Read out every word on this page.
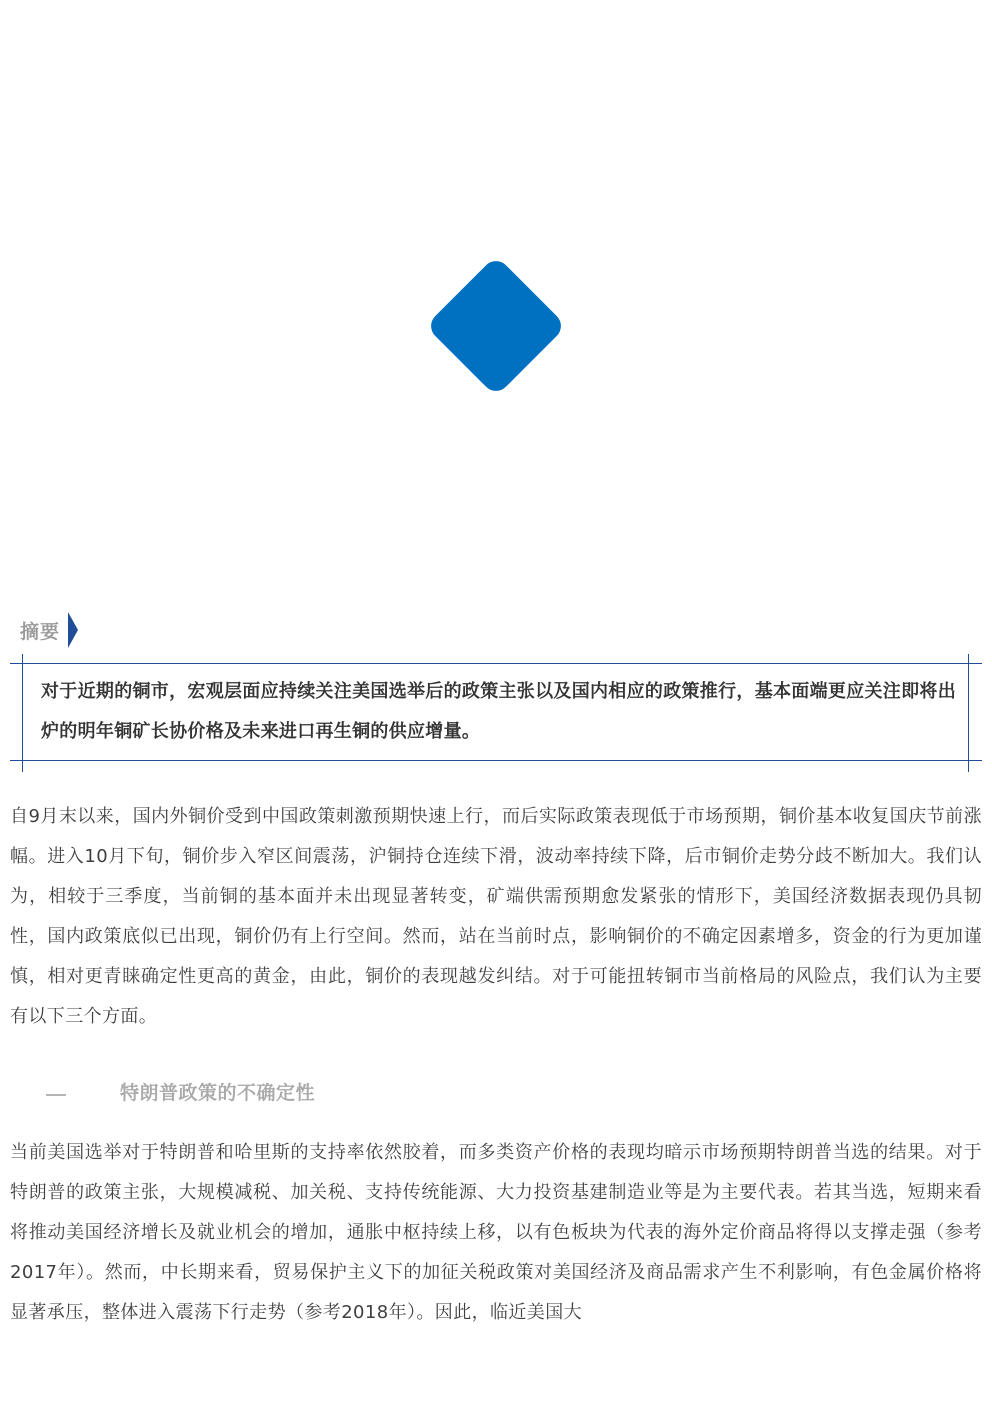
摘要
对于近期的铜市，宏观层面应持续关注美国选举后的政策主张以及国内相应的政策推行，基本面端更应关注即将出炉的明年铜矿长协价格及未来进口再生铜的供应增量。
自9月末以来，国内外铜价受到中国政策刺激预期快速上行，而后实际政策表现低于市场预期，铜价基本收复国庆节前涨幅。进入10月下旬，铜价步入窄区间震荡，沪铜持仓连续下滑，波动率持续下降，后市铜价走势分歧不断加大。我们认为，相较于三季度，当前铜的基本面并未出现显著转变，矿端供需预期愈发紧张的情形下，美国经济数据表现仍具韧性，国内政策底似已出现，铜价仍有上行空间。然而，站在当前时点，影响铜价的不确定因素增多，资金的行为更加谨慎，相对更青睐确定性更高的黄金，由此，铜价的表现越发纠结。对于可能扭转铜市当前格局的风险点，我们认为主要有以下三个方面。
特朗普政策的不确定性
当前美国选举对于特朗普和哈里斯的支持率依然胶着，而多类资产价格的表现均暗示市场预期特朗普当选的结果。对于特朗普的政策主张，大规模减税、加关税、支持传统能源、大力投资基建制造业等是为主要代表。若其当选，短期来看将推动美国经济增长及就业机会的增加，通胀中枢持续上移，以有色板块为代表的海外定价商品将得以支撑走强（参考2017年）。然而，中长期来看，贸易保护主义下的加征关税政策对美国经济及商品需求产生不利影响，有色金属价格将显著承压，整体进入震荡下行走势（参考2018年）。因此，临近美国大
